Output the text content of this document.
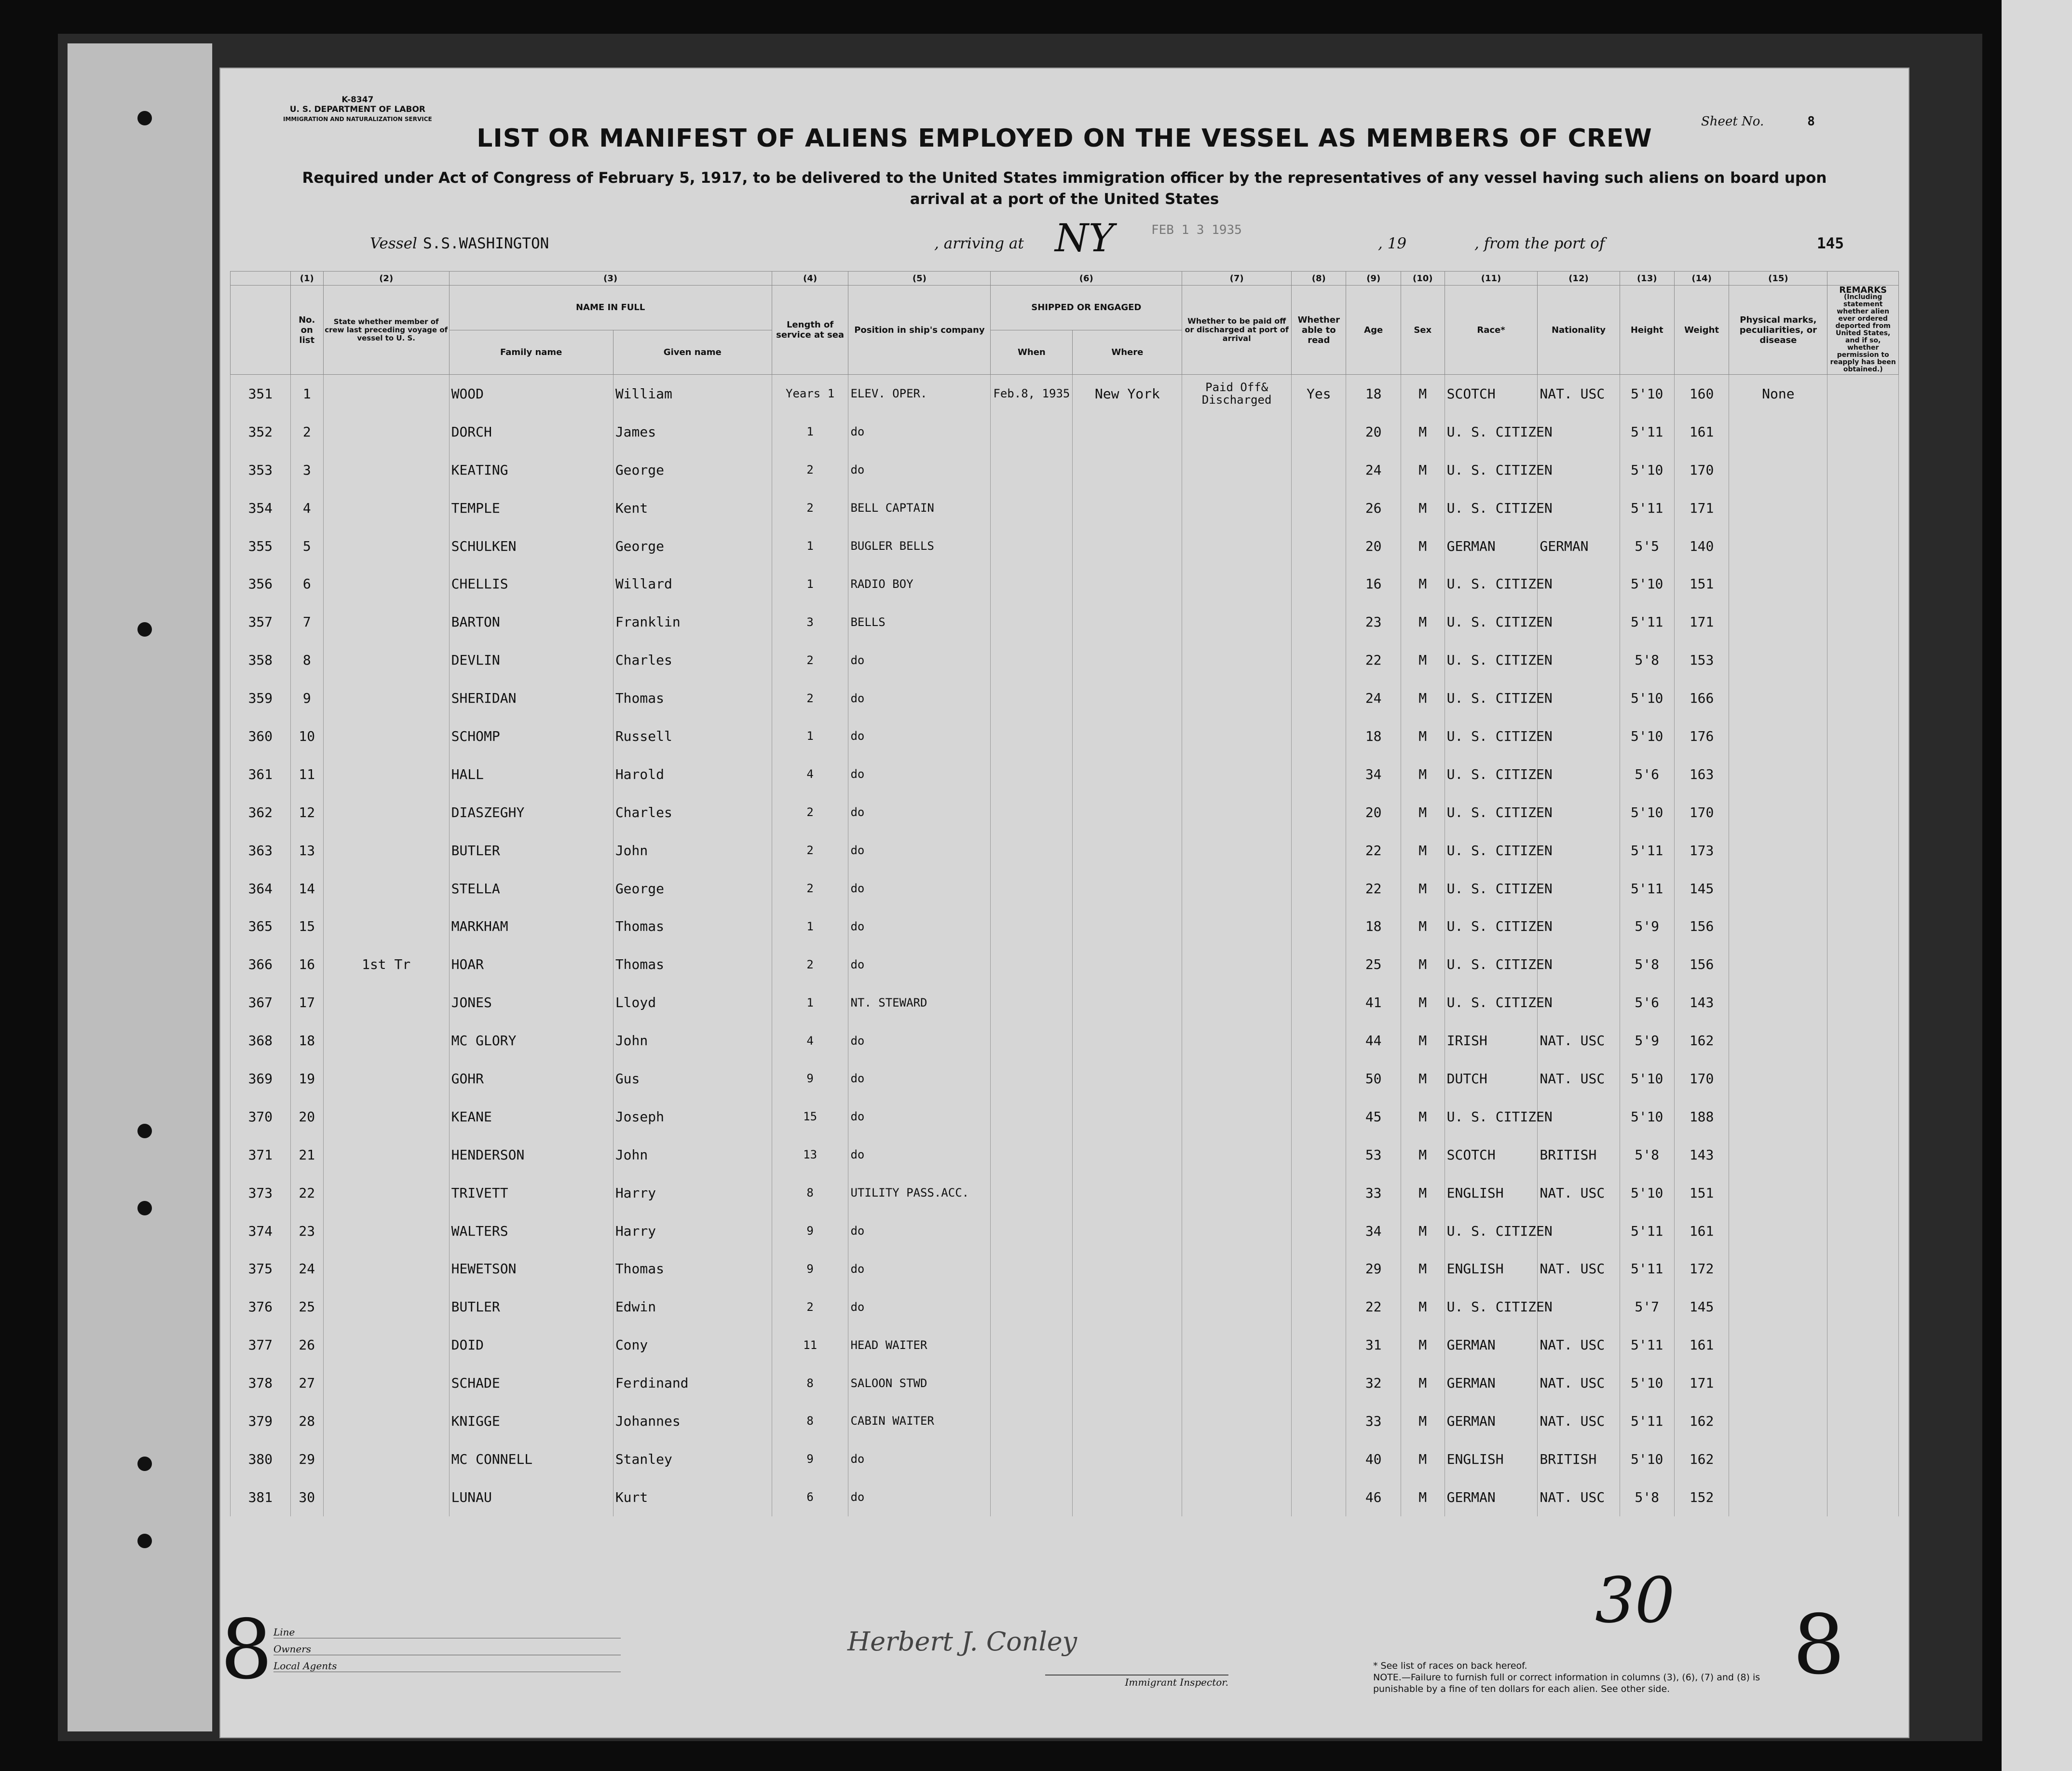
K-8347
U. S. DEPARTMENT OF LABOR
IMMIGRATION AND NATURALIZATION SERVICE	Sheet No.	8
LIST OR MANIFEST OF ALIENS EMPLOYED ON THE VESSEL AS MEMBERS OF CREW
Required under Act of Congress of February 5, 1917, to be delivered to the United States immigration officer by the representatives of any vessel having such aliens on board upon arrival at a port of the United States
Vessel S.S.WASHINGTON	, arriving at NY	FEB 1 3 1935
, 19	, from the port of	145
	(1)	(2)	(3)		(4)	(5)	(6)		(7)	(8)	(9)	(10)	(11)	(12)	(13)	(14)	(15)	
	No. on list	State whether member of crew last preceding voyage of vessel to U. S.	NAME IN FULL		Length of service at sea	Position in ship's company	SHIPPED OR ENGAGED		Whether to be paid off or discharged at port of arrival	Whether able to read	Age	Sex	Race*	Nationality	Height	Weight	Physical marks, peculiarities, or disease	REMARKS
(Including statement whether alien ever ordered deported from United States, and if so, whether permission to reapply has been obtained.)

			Family name	Given name			When	Where										
351	1		WOOD	William	Years 1	ELEV. OPER.	Feb.8, 1935	New York	Paid Off& Discharged	Yes	18	M	SCOTCH	NAT. USC	5'10	160	None	
352	2		DORCH	James	1	do					20	M	U. S. CITIZEN		5'11	161		
353	3		KEATING	George	2	do					24	M	U. S. CITIZEN		5'10	170		
354	4		TEMPLE	Kent	2	BELL CAPTAIN					26	M	U. S. CITIZEN		5'11	171		
355	5		SCHULKEN	George	1	BUGLER BELLS					20	M	GERMAN	GERMAN	5'5	140		
356	6		CHELLIS	Willard	1	RADIO BOY					16	M	U. S. CITIZEN		5'10	151		
357	7		BARTON	Franklin	3	BELLS					23	M	U. S. CITIZEN		5'11	171		
358	8		DEVLIN	Charles	2	do					22	M	U. S. CITIZEN		5'8	153		
359	9		SHERIDAN	Thomas	2	do					24	M	U. S. CITIZEN		5'10	166		
360	10		SCHOMP	Russell	1	do					18	M	U. S. CITIZEN		5'10	176		
361	11		HALL	Harold	4	do					34	M	U. S. CITIZEN		5'6	163		
362	12		DIASZEGHY	Charles	2	do					20	M	U. S. CITIZEN		5'10	170		
363	13		BUTLER	John	2	do					22	M	U. S. CITIZEN		5'11	173		
364	14		STELLA	George	2	do					22	M	U. S. CITIZEN		5'11	145		
365	15		MARKHAM	Thomas	1	do					18	M	U. S. CITIZEN		5'9	156		
366	16	1st Tr	HOAR	Thomas	2	do					25	M	U. S. CITIZEN		5'8	156		
367	17		JONES	Lloyd	1	NT. STEWARD					41	M	U. S. CITIZEN		5'6	143		
368	18		MC GLORY	John	4	do					44	M	IRISH	NAT. USC	5'9	162		
369	19		GOHR	Gus	9	do					50	M	DUTCH	NAT. USC	5'10	170		
370	20		KEANE	Joseph	15	do					45	M	U. S. CITIZEN		5'10	188		
371	21		HENDERSON	John	13	do					53	M	SCOTCH	BRITISH	5'8	143		
373	22		TRIVETT	Harry	8	UTILITY PASS.ACC.					33	M	ENGLISH	NAT. USC	5'10	151		
374	23		WALTERS	Harry	9	do					34	M	U. S. CITIZEN		5'11	161		
375	24		HEWETSON	Thomas	9	do					29	M	ENGLISH	NAT. USC	5'11	172		
376	25		BUTLER	Edwin	2	do					22	M	U. S. CITIZEN		5'7	145		
377	26		DOID	Cony	11	HEAD WAITER					31	M	GERMAN	NAT. USC	5'11	161		
378	27		SCHADE	Ferdinand	8	SALOON STWD					32	M	GERMAN	NAT. USC	5'10	171		
379	28		KNIGGE	Johannes	8	CABIN WAITER					33	M	GERMAN	NAT. USC	5'11	162		
380	29		MC CONNELL	Stanley	9	do					40	M	ENGLISH	BRITISH	5'10	162		
381	30		LUNAU	Kurt	6	do					46	M	GERMAN	NAT. USC	5'8	152		
Line
Owners
Local Agents
8	8
30
Herbert J. Conley
Immigrant Inspector.
* See list of races on back hereof.
NOTE.—Failure to furnish full or correct information in columns (3), (6), (7) and (8) is punishable by a fine of ten dollars for each alien. See other side.
